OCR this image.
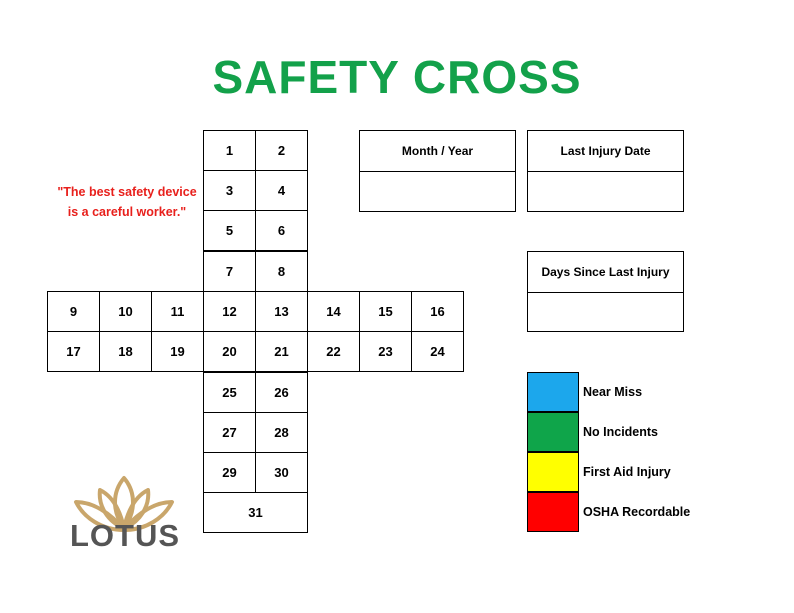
SAFETY CROSS
"The best safety device is a careful worker."
1	2
3	4
5	6
7	8
9	10	11	12	13	14	15	16
17	18	19	20	21	22	23	24
25	26
27	28
29	30
31
Month / Year	Last Injury Date
Days Since Last Injury
Near Miss
No Incidents
First Aid Injury
OSHA Recordable
LOTUS
